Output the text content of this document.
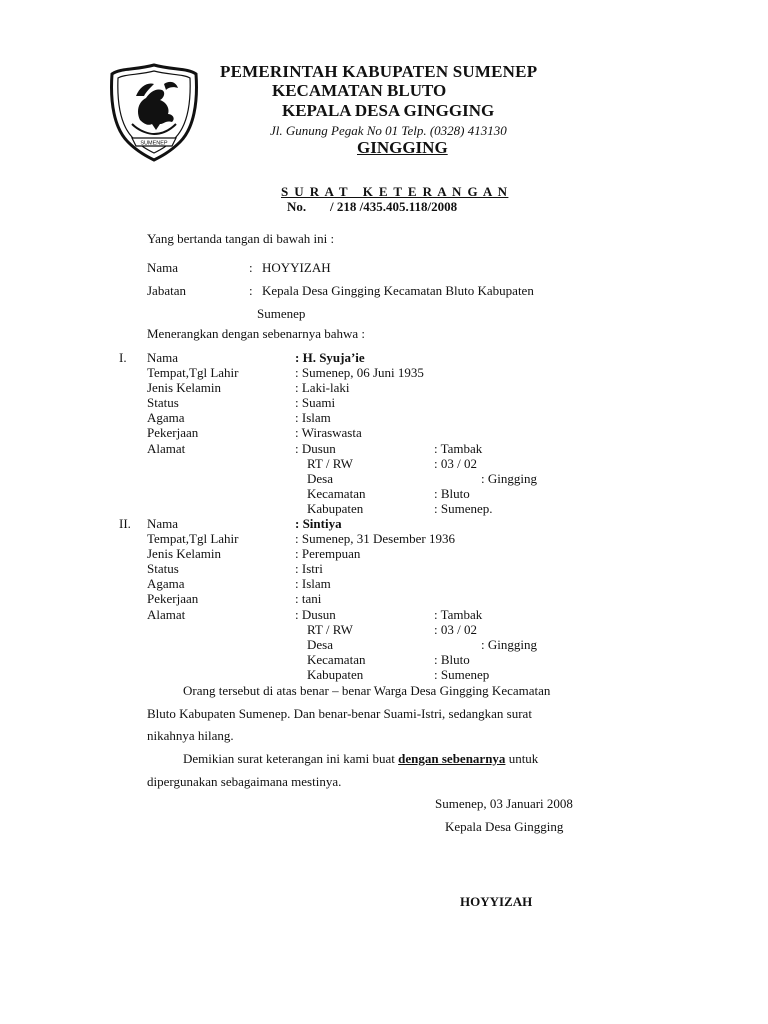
SUMENEP
PEMERINTAH KABUPATEN SUMENEP
KECAMATAN BLUTO
KEPALA DESA GINGGING
Jl. Gunung Pegak No 01 Telp. (0328) 413130
GINGGING
S U R A T   K E T E R A N G A N
No. / 218 /435.405.118/2008
Yang bertanda tangan di bawah ini :
Nama	: HOYYIZAH
Jabatan	: Kepala Desa Gingging Kecamatan Bluto Kabupaten
Sumenep
Menerangkan dengan sebenarnya bahwa :
I. Nama	: H. Syuja’ie
Tempat,Tgl Lahir	: Sumenep, 06 Juni 1935
Jenis Kelamin	: Laki-laki
Status	: Suami
Agama	: Islam
Pekerjaan	: Wiraswasta
Alamat	: Dusun	: Tambak
RT / RW	: 03 / 02
Desa	: Gingging
Kecamatan	: Bluto
Kabupaten	: Sumenep.
II. Nama	: Sintiya
Tempat,Tgl Lahir	: Sumenep, 31 Desember 1936
Jenis Kelamin	: Perempuan
Status	: Istri
Agama	: Islam
Pekerjaan	: tani
Alamat	: Dusun	: Tambak
RT / RW	: 03 / 02
Desa	: Gingging
Kecamatan	: Bluto
Kabupaten	: Sumenep
Orang tersebut di atas benar – benar Warga Desa Gingging Kecamatan
Bluto Kabupaten Sumenep. Dan benar-benar Suami-Istri, sedangkan surat
nikahnya hilang.
Demikian surat keterangan ini kami buat dengan sebenarnya untuk
dipergunakan sebagaimana mestinya.
Sumenep, 03 Januari 2008
Kepala Desa Gingging
HOYYIZAH
